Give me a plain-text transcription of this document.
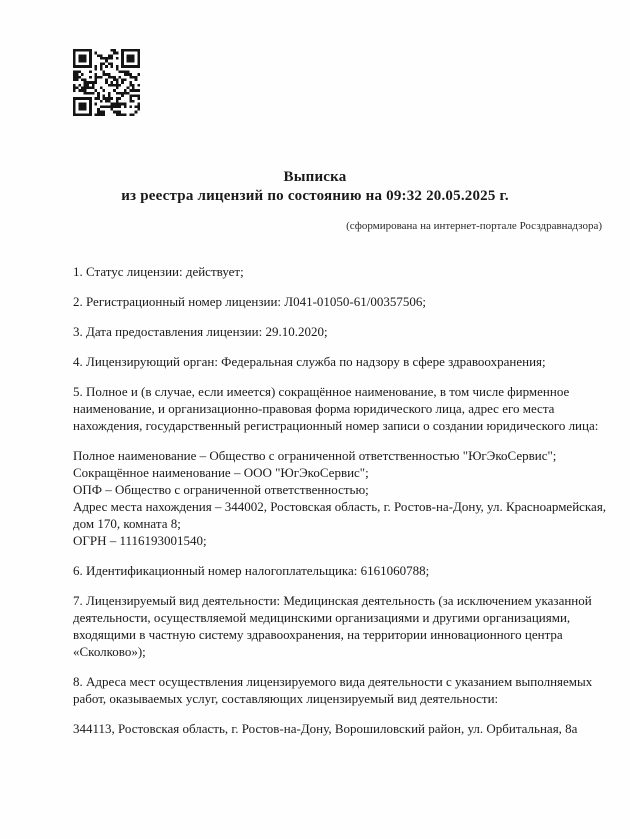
Выписка
из реестра лицензий по состоянию на 09:32 20.05.2025 г.
(сформирована на интернет-портале Росздравнадзора)

1. Статус лицензии: действует;

2. Регистрационный номер лицензии: Л041-01050-61/00357506;

3. Дата предоставления лицензии: 29.10.2020;

4. Лицензирующий орган: Федеральная служба по надзору в сфере здравоохранения;

5. Полное и (в случае, если имеется) сокращённое наименование, в том числе фирменное
наименование, и организационно-правовая форма юридического лица, адрес его места
нахождения, государственный регистрационный номер записи о создании юридического лица:

Полное наименование – Общество с ограниченной ответственностью "ЮгЭкоСервис";
Сокращённое наименование – ООО "ЮгЭкоСервис";
ОПФ – Общество с ограниченной ответственностью;
Адрес места нахождения – 344002, Ростовская область, г. Ростов-на-Дону, ул. Красноармейская,
дом 170, комната 8;
ОГРН – 1116193001540;

6. Идентификационный номер налогоплательщика: 6161060788;

7. Лицензируемый вид деятельности: Медицинская деятельность (за исключением указанной
деятельности, осуществляемой медицинскими организациями и другими организациями,
входящими в частную систему здравоохранения, на территории инновационного центра
«Сколково»);

8. Адреса мест осуществления лицензируемого вида деятельности с указанием выполняемых
работ, оказываемых услуг, составляющих лицензируемый вид деятельности:

344113, Ростовская область, г. Ростов-на-Дону, Ворошиловский район, ул. Орбитальная, 8а
